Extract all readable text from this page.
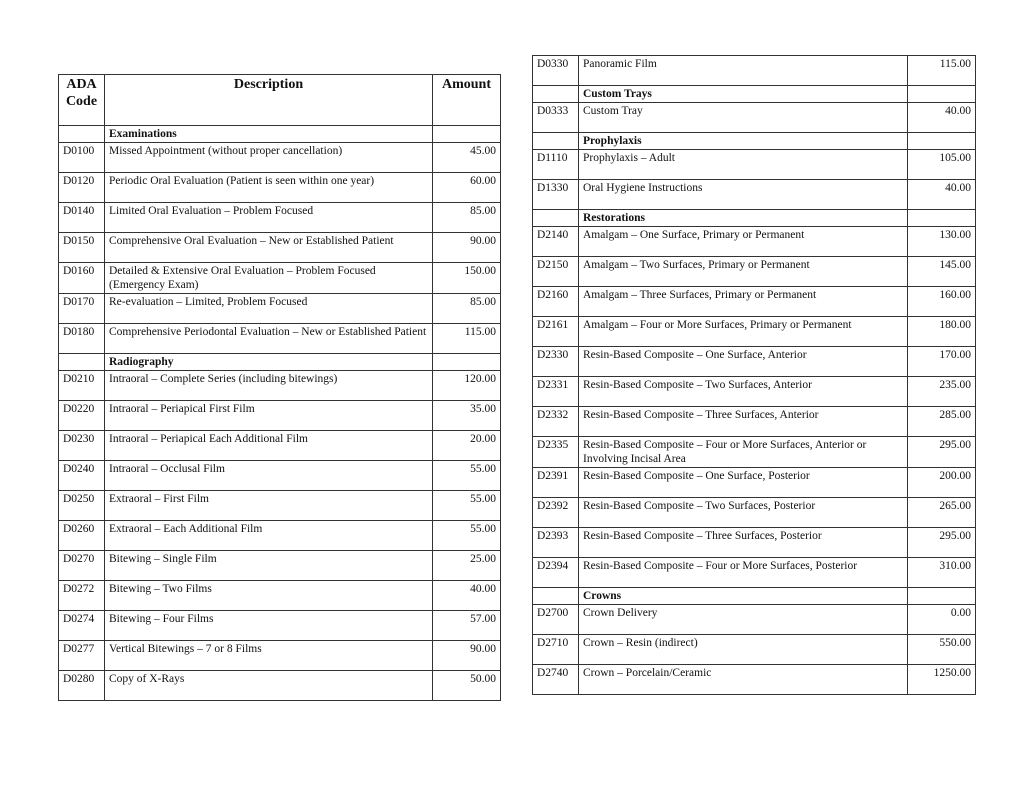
ADA Code	Description	Amount
	Examinations	
D0100	Missed Appointment (without proper cancellation)	45.00
D0120	Periodic Oral Evaluation (Patient is seen within one year)	60.00
D0140	Limited Oral Evaluation – Problem Focused	85.00
D0150	Comprehensive Oral Evaluation – New or Established Patient	90.00
D0160	Detailed & Extensive Oral Evaluation – Problem Focused (Emergency Exam)	150.00
D0170	Re-evaluation – Limited, Problem Focused	85.00
D0180	Comprehensive Periodontal Evaluation – New or Established Patient	115.00
	Radiography	
D0210	Intraoral – Complete Series (including bitewings)	120.00
D0220	Intraoral – Periapical First Film	35.00
D0230	Intraoral – Periapical Each Additional Film	20.00
D0240	Intraoral – Occlusal Film	55.00
D0250	Extraoral – First Film	55.00
D0260	Extraoral – Each Additional Film	55.00
D0270	Bitewing – Single Film	25.00
D0272	Bitewing – Two Films	40.00
D0274	Bitewing – Four Films	57.00
D0277	Vertical Bitewings – 7 or 8 Films	90.00
D0280	Copy of X-Rays	50.00
D0330	Panoramic Film	115.00
	Custom Trays	
D0333	Custom Tray	40.00
	Prophylaxis	
D1110	Prophylaxis – Adult	105.00
D1330	Oral Hygiene Instructions	40.00
	Restorations	
D2140	Amalgam – One Surface, Primary or Permanent	130.00
D2150	Amalgam – Two Surfaces, Primary or Permanent	145.00
D2160	Amalgam – Three Surfaces, Primary or Permanent	160.00
D2161	Amalgam – Four or More Surfaces, Primary or Permanent	180.00
D2330	Resin-Based Composite – One Surface, Anterior	170.00
D2331	Resin-Based Composite – Two Surfaces, Anterior	235.00
D2332	Resin-Based Composite – Three Surfaces, Anterior	285.00
D2335	Resin-Based Composite – Four or More Surfaces, Anterior or Involving Incisal Area	295.00
D2391	Resin-Based Composite – One Surface, Posterior	200.00
D2392	Resin-Based Composite – Two Surfaces, Posterior	265.00
D2393	Resin-Based Composite – Three Surfaces, Posterior	295.00
D2394	Resin-Based Composite – Four or More Surfaces, Posterior	310.00
	Crowns	
D2700	Crown Delivery	0.00
D2710	Crown – Resin (indirect)	550.00
D2740	Crown – Porcelain/Ceramic	1250.00
